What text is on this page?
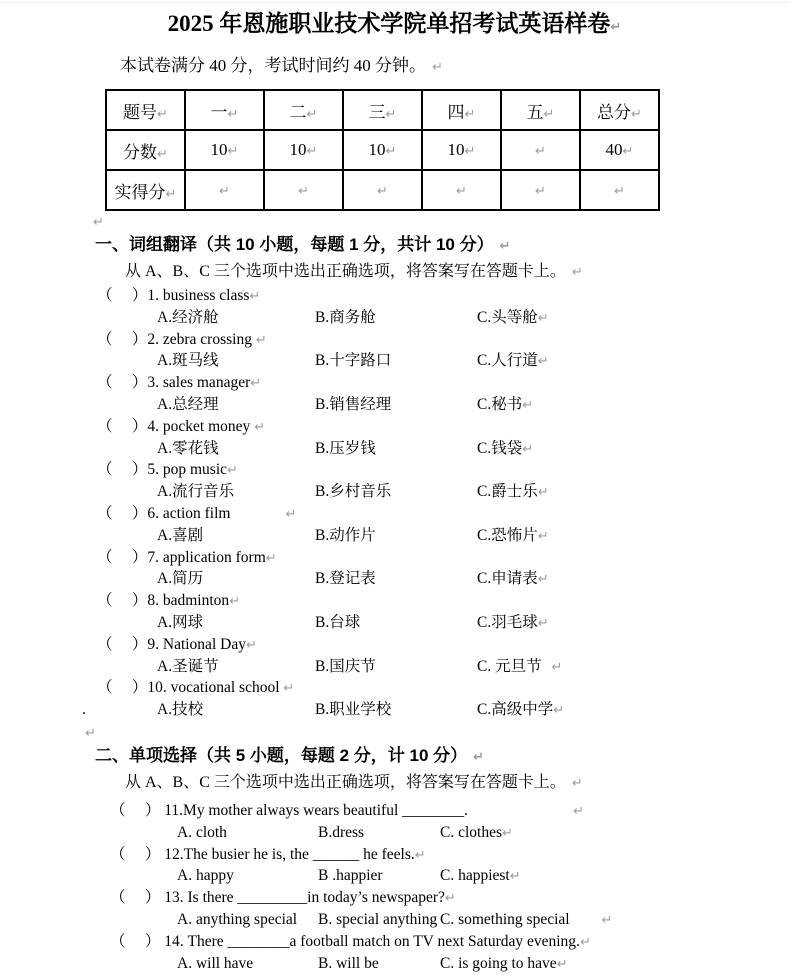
2025 年恩施职业技术学院单招考试英语样卷↵

本试卷满分 40 分，考试时间约 40 分钟。 ↵

题号↵	一↵	二↵	三↵	四↵	五↵	总分↵
分数↵	10↵	10↵	10↵	10↵	↵	40↵
实得分↵	↵	↵	↵	↵	↵	↵
↵
一、词组翻译（共 10 小题，每题 1 分，共计 10 分） ↵

从 A、B、C 三个选项中选出正确选项，将答案写在答题卡上。 ↵

（　 ）1. business class↵
A.经济舱	B.商务舱	C.头等舱↵
（　 ）2. zebra crossing ↵
A.斑马线	B.十字路口	C.人行道↵
（　 ）3. sales manager↵
A.总经理	B.销售经理	C.秘书↵
（　 ）4. pocket money ↵
A.零花钱	B.压岁钱	C.钱袋↵
（　 ）5. pop music↵
A.流行音乐	B.乡村音乐	C.爵士乐↵
（　 ）6. action film	↵
A.喜剧	B.动作片	C.恐怖片↵
（　 ）7. application form↵
A.简历	B.登记表	C.申请表↵
（　 ）8. badminton↵
A.网球	B.台球	C.羽毛球↵
（　 ）9. National Day↵
A.圣诞节	B.国庆节	C. 元旦节 ↵
（　 ）10. vocational school ↵
.	A.技校	B.职业学校	C.高级中学↵
↵
二、单项选择（共 5 小题，每题 2 分，计 10 分） ↵

从 A、B、C 三个选项中选出正确选项，将答案写在答题卡上。 ↵

（　 ） 11.My mother always wears beautiful ________.	↵
A. cloth	B.dress	C. clothes↵
（　 ） 12.The busier he is, the ______ he feels.↵
A. happy	B .happier	C. happiest↵
（　 ） 13. Is there _________in today’s newspaper?↵
A. anything special B. special anything C. something special ↵
（　 ） 14. There ________a football match on TV next Saturday evening.↵
A. will have	B. will be	C. is going to have↵
